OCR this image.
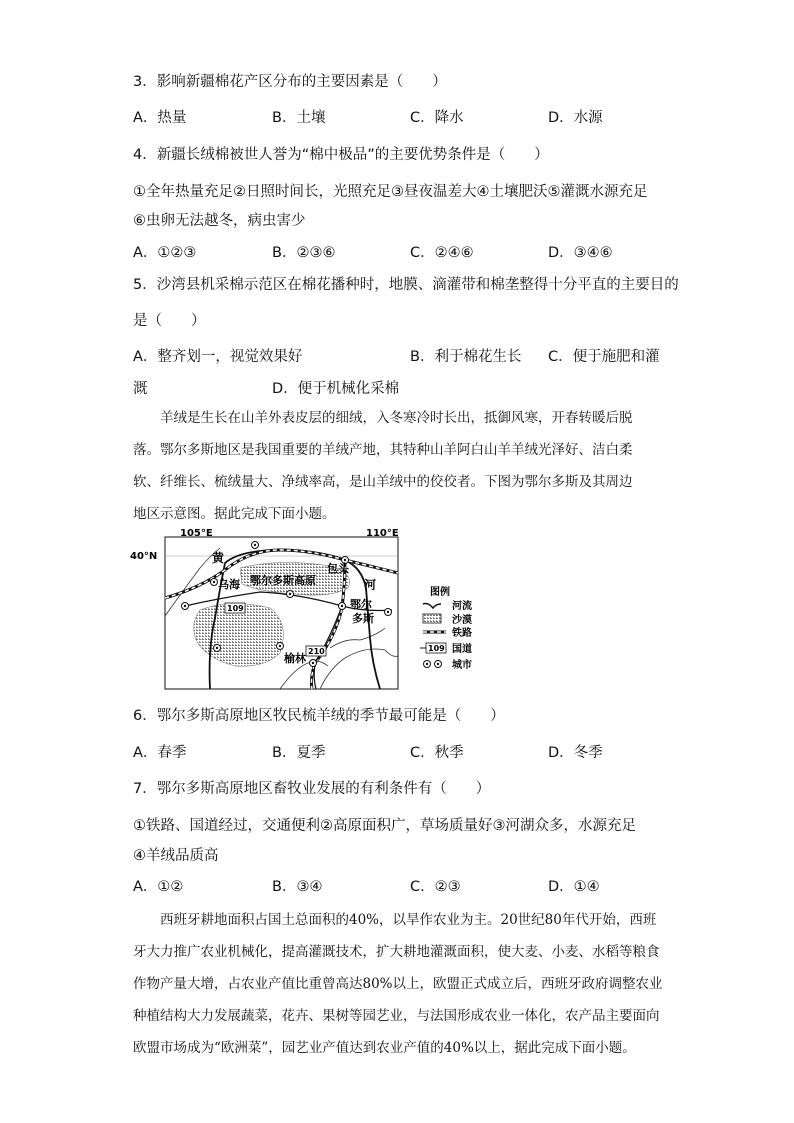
3．影响新疆棉花产区分布的主要因素是（　　）
A．热量	B．土壤	C．降水	D．水源
4．新疆长绒棉被世人誉为“棉中极品”的主要优势条件是（　　）
①全年热量充足②日照时间长，光照充足③昼夜温差大④土壤肥沃⑤灌溉水源充足
⑥虫卵无法越冬，病虫害少
A．①②③	B．②③⑥	C．②④⑥	D．③④⑥
5．沙湾县机采棉示范区在棉花播种时，地膜、滴灌带和棉垄整得十分平直的主要目的
是（　　）
A．整齐划一，视觉效果好	B．利于棉花生长 C．便于施肥和灌
溉	D．便于机械化采棉
　　羊绒是生长在山羊外表皮层的细绒，入冬寒冷时长出，抵御风寒，开春转暖后脱
落。鄂尔多斯地区是我国重要的羊绒产地，其特种山羊阿白山羊羊绒光泽好、洁白柔
软、纤维长、梳绒量大、净绒率高，是山羊绒中的佼佼者。下图为鄂尔多斯及其周边
地区示意图。据此完成下面小题。
105°E	110°E
40°N
109
210
黄
河
包头
乌海 鄂尔多斯高原
鄂尔
多斯
榆林
图例
河流
沙漠
铁路
109 国道
城市
6．鄂尔多斯高原地区牧民梳羊绒的季节最可能是（　　）
A．春季	B．夏季	C．秋季	D．冬季
7．鄂尔多斯高原地区畜牧业发展的有利条件有（　　）
①铁路、国道经过，交通便利②高原面积广，草场质量好③河湖众多，水源充足
④羊绒品质高
A．①②	B．③④	C．②③	D．①④
　　西班牙耕地面积占国土总面积的40%，以旱作农业为主。20世纪80年代开始，西班
牙大力推广农业机械化，提高灌溉技术，扩大耕地灌溉面积，使大麦、小麦、水稻等粮食
作物产量大增，占农业产值比重曾高达80%以上，欧盟正式成立后，西班牙政府调整农业
种植结构大力发展蔬菜，花卉、果树等园艺业，与法国形成农业一体化，农产品主要面向
欧盟市场成为“欧洲菜”，园艺业产值达到农业产值的40%以上，据此完成下面小题。
